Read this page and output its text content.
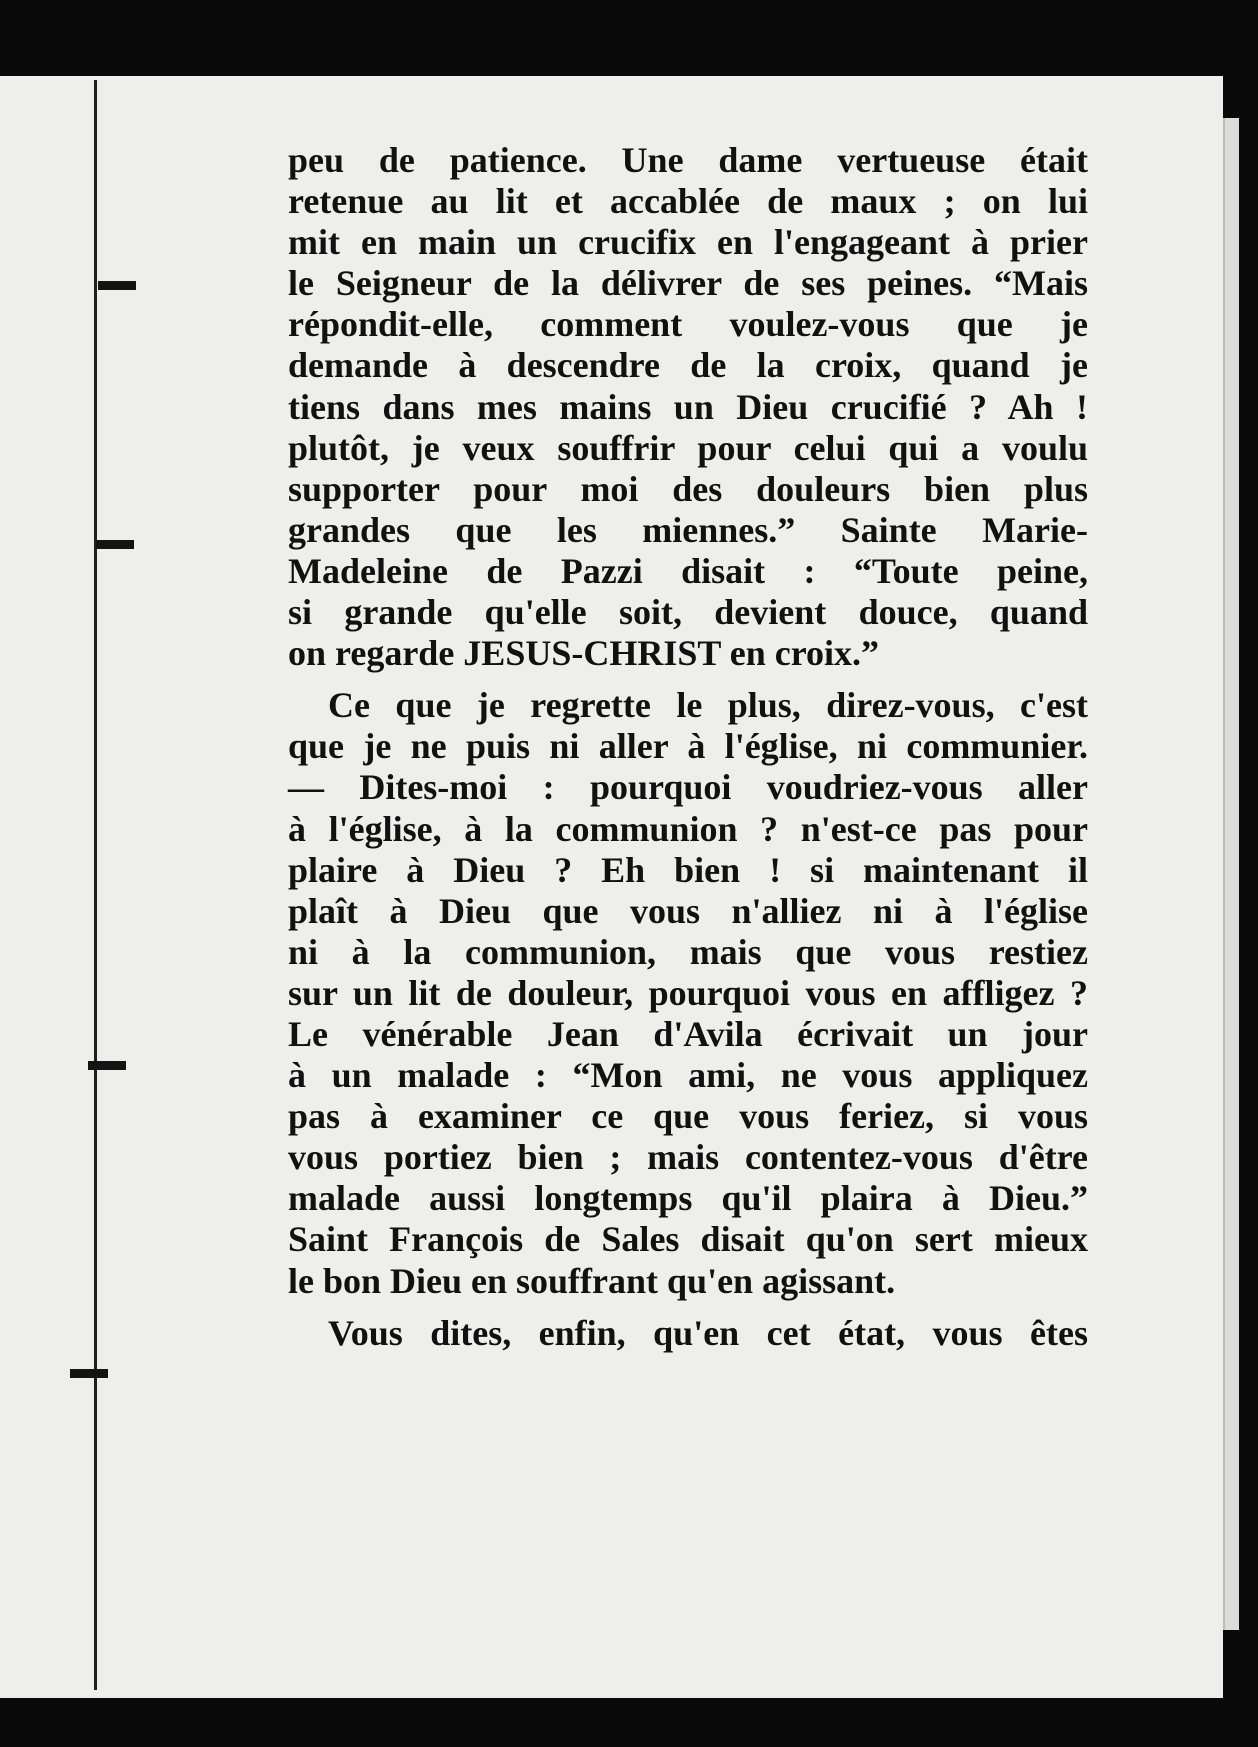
peu de patience. Une dame vertueuse était
retenue au lit et accablée de maux ; on lui
mit en main un crucifix en l'engageant à prier
le Seigneur de la délivrer de ses peines. “Mais
répondit-elle, comment voulez-vous que je
demande à descendre de la croix, quand je
tiens dans mes mains un Dieu crucifié ? Ah !
plutôt, je veux souffrir pour celui qui a voulu
supporter pour moi des douleurs bien plus
grandes que les miennes.” Sainte Marie-
Madeleine de Pazzi disait : “Toute peine,
si grande qu'elle soit, devient douce, quand
on regarde JESUS-CHRIST en croix.”
Ce que je regrette le plus, direz-vous, c'est
que je ne puis ni aller à l'église, ni communier.
— Dites-moi : pourquoi voudriez-vous aller
à l'église, à la communion ? n'est-ce pas pour
plaire à Dieu ? Eh bien ! si maintenant il
plaît à Dieu que vous n'alliez ni à l'église
ni à la communion, mais que vous restiez
sur un lit de douleur, pourquoi vous en affligez ?
Le vénérable Jean d'Avila écrivait un jour
à un malade : “Mon ami, ne vous appliquez
pas à examiner ce que vous feriez, si vous
vous portiez bien ; mais contentez-vous d'être
malade aussi longtemps qu'il plaira à Dieu.”
Saint François de Sales disait qu'on sert mieux
le bon Dieu en souffrant qu'en agissant.
Vous dites, enfin, qu'en cet état, vous êtes
